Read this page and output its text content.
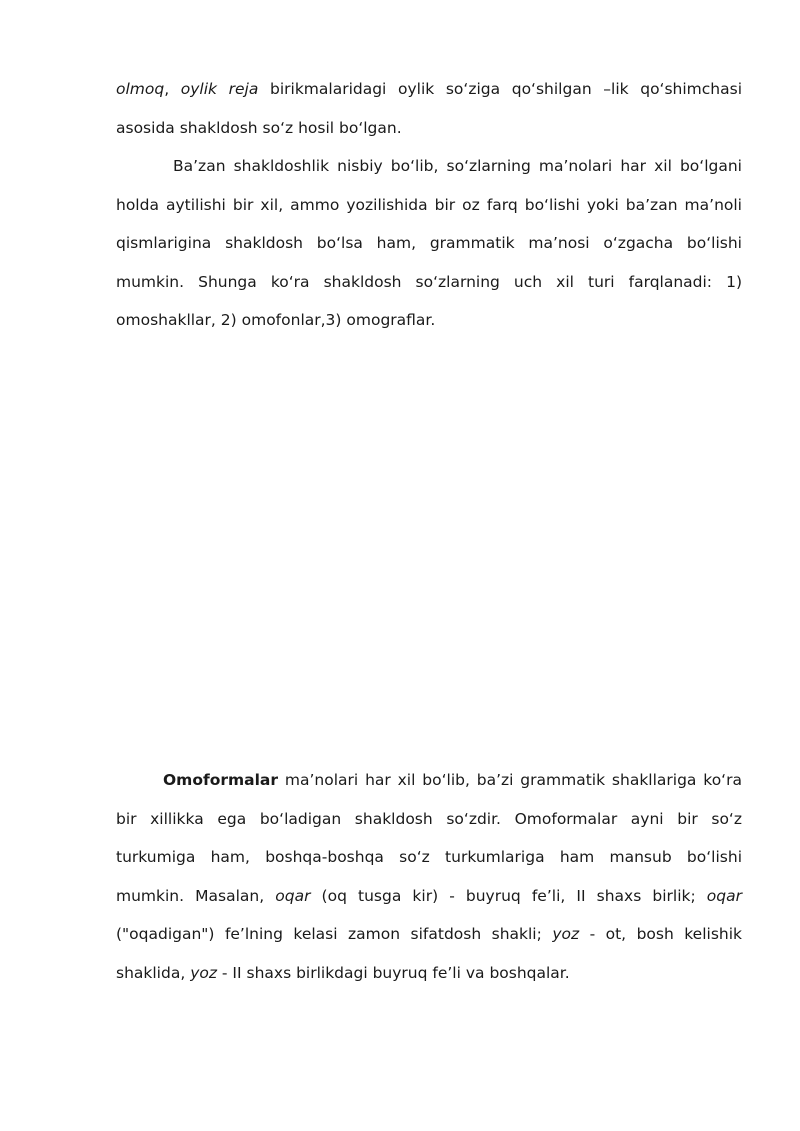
olmoq, oylik reja birikmalaridagi oylik so‘ziga qo‘shilgan –lik qo‘shimchasi asosida shakldosh so‘z hosil bo‘lgan.

Ba’zan shakldoshlik nisbiy bo‘lib, so‘zlarning ma’nolari har xil bo‘lgani holda aytilishi bir xil, ammo yozilishida bir oz farq bo‘lishi yoki ba’zan ma’noli qismlarigina shakldosh bo‘lsa ham, grammatik ma’nosi o‘zgacha bo‘lishi mumkin. Shunga ko‘ra shakldosh so‘zlarning uch xil turi farqlanadi: 1) omoshakllar, 2) omofonlar,3) omograflar.

Omoformalar ma’nolari har xil bo‘lib, ba’zi grammatik shakllariga ko‘ra bir xillikka ega bo‘ladigan shakldosh so‘zdir. Omoformalar ayni bir so‘z turkumiga ham, boshqa-boshqa so‘z turkumlariga ham mansub bo‘lishi mumkin. Masalan, oqar (oq tusga kir) - buyruq fe’li, II shaxs birlik; oqar ("oqadigan") fe’lning kelasi zamon sifatdosh shakli; yoz - ot, bosh kelishik shaklida, yoz - II shaxs birlikdagi buyruq fe’li va boshqalar.
